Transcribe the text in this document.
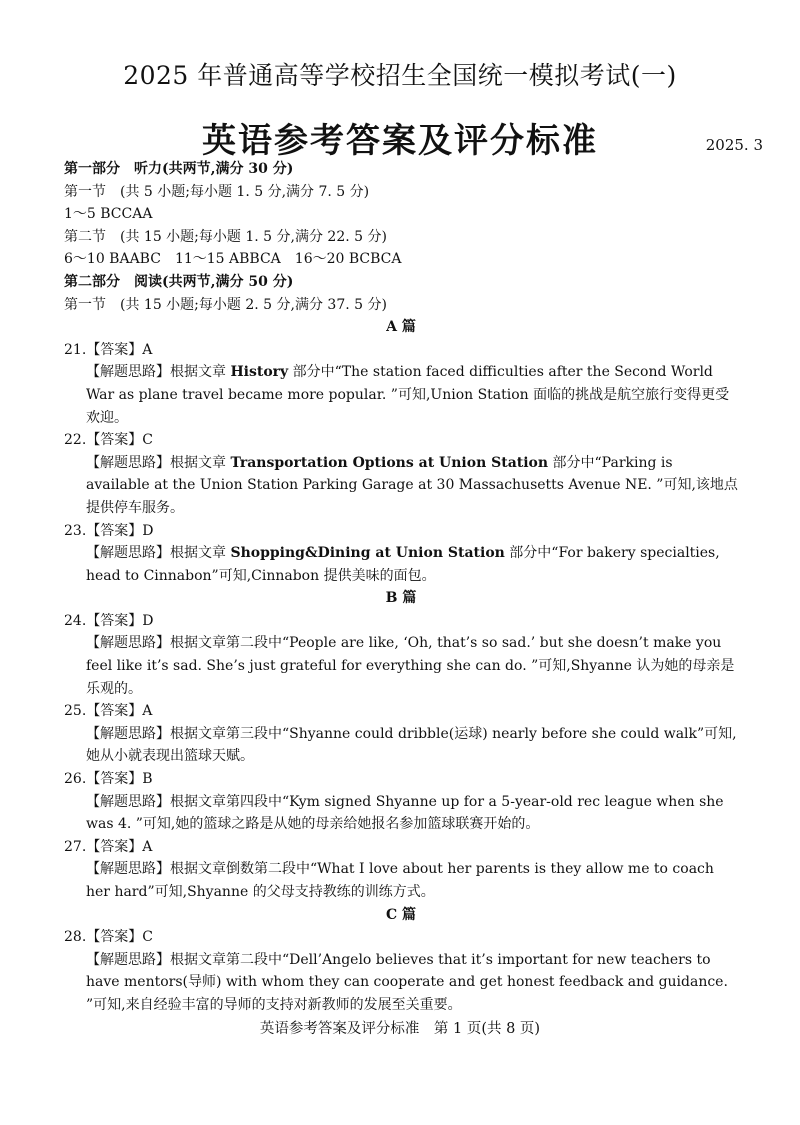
2025 年普通高等学校招生全国统一模拟考试(一)
英语参考答案及评分标准	2025. 3
第一部分　听力(共两节,满分 30 分)
第一节　(共 5 小题;每小题 1. 5 分,满分 7. 5 分)
1～5 BCCAA
第二节　(共 15 小题;每小题 1. 5 分,满分 22. 5 分)
6～10 BAABC　11～15 ABBCA　16～20 BCBCA
第二部分　阅读(共两节,满分 50 分)
第一节　(共 15 小题;每小题 2. 5 分,满分 37. 5 分)
A 篇
21.【答案】A
【解题思路】根据文章 History 部分中“The station faced difficulties after the Second World War as plane travel became more popular. ”可知,Union Station 面临的挑战是航空旅行变得更受欢迎。
22.【答案】C
【解题思路】根据文章 Transportation Options at Union Station 部分中“Parking is available at the Union Station Parking Garage at 30 Massachusetts Avenue NE. ”可知,该地点提供停车服务。
23.【答案】D
【解题思路】根据文章 Shopping&Dining at Union Station 部分中“For bakery specialties, head to Cinnabon”可知,Cinnabon 提供美味的面包。
B 篇
24.【答案】D
【解题思路】根据文章第二段中“People are like, ‘Oh, that’s so sad.’ but she doesn’t make you feel like it’s sad. She’s just grateful for everything she can do. ”可知,Shyanne 认为她的母亲是乐观的。
25.【答案】A
【解题思路】根据文章第三段中“Shyanne could dribble(运球) nearly before she could walk”可知,她从小就表现出篮球天赋。
26.【答案】B
【解题思路】根据文章第四段中“Kym signed Shyanne up for a 5-year-old rec league when she was 4. ”可知,她的篮球之路是从她的母亲给她报名参加篮球联赛开始的。
27.【答案】A
【解题思路】根据文章倒数第二段中“What I love about her parents is they allow me to coach her hard”可知,Shyanne 的父母支持教练的训练方式。
C 篇
28.【答案】C
【解题思路】根据文章第二段中“Dell’Angelo believes that it’s important for new teachers to have mentors(导师) with whom they can cooperate and get honest feedback and guidance. ”可知,来自经验丰富的导师的支持对新教师的发展至关重要。
英语参考答案及评分标准　第 1 页(共 8 页)
